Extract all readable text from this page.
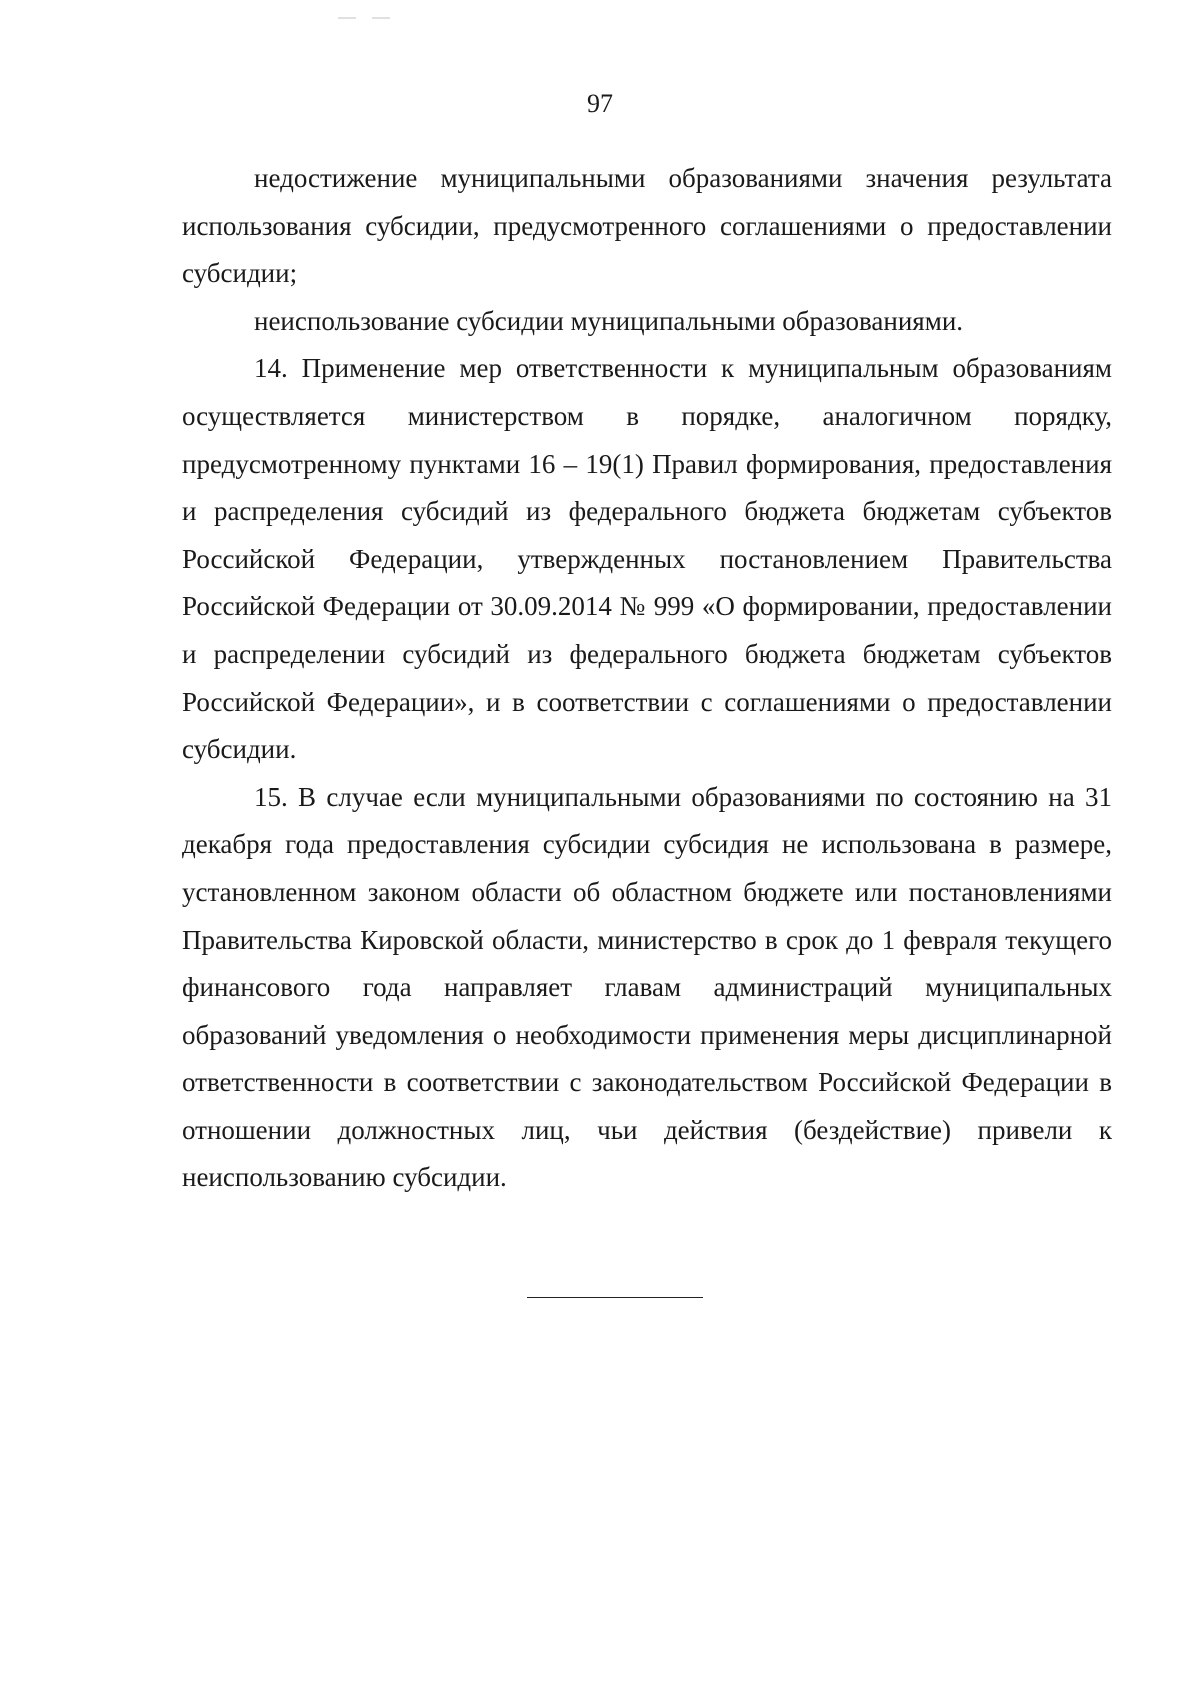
97

недостижение муниципальными образованиями значения результата использования субсидии, предусмотренного соглашениями о предоставлении субсидии;

неиспользование субсидии муниципальными образованиями.

14. Применение мер ответственности к муниципальным образованиям осуществляется министерством в порядке, аналогичном порядку, предусмотренному пунктами 16 – 19(1) Правил формирования, предоставления и распределения субсидий из федерального бюджета бюджетам субъектов Российской Федерации, утвержденных постановлением Правительства Российской Федерации от 30.09.2014 № 999 «О формировании, предоставлении и распределении субсидий из федерального бюджета бюджетам субъектов Российской Федерации», и в соответствии с соглашениями о предоставлении субсидии.

15. В случае если муниципальными образованиями по состоянию на 31 декабря года предоставления субсидии субсидия не использована в размере, установленном законом области об областном бюджете или постановлениями Правительства Кировской области, министерство в срок до 1 февраля текущего финансового года направляет главам администраций муниципальных образований уведомления о необходимости применения меры дисциплинарной ответственности в соответствии с законодательством Российской Федерации в отношении должностных лиц, чьи действия (бездействие) привели к неиспользованию субсидии.
